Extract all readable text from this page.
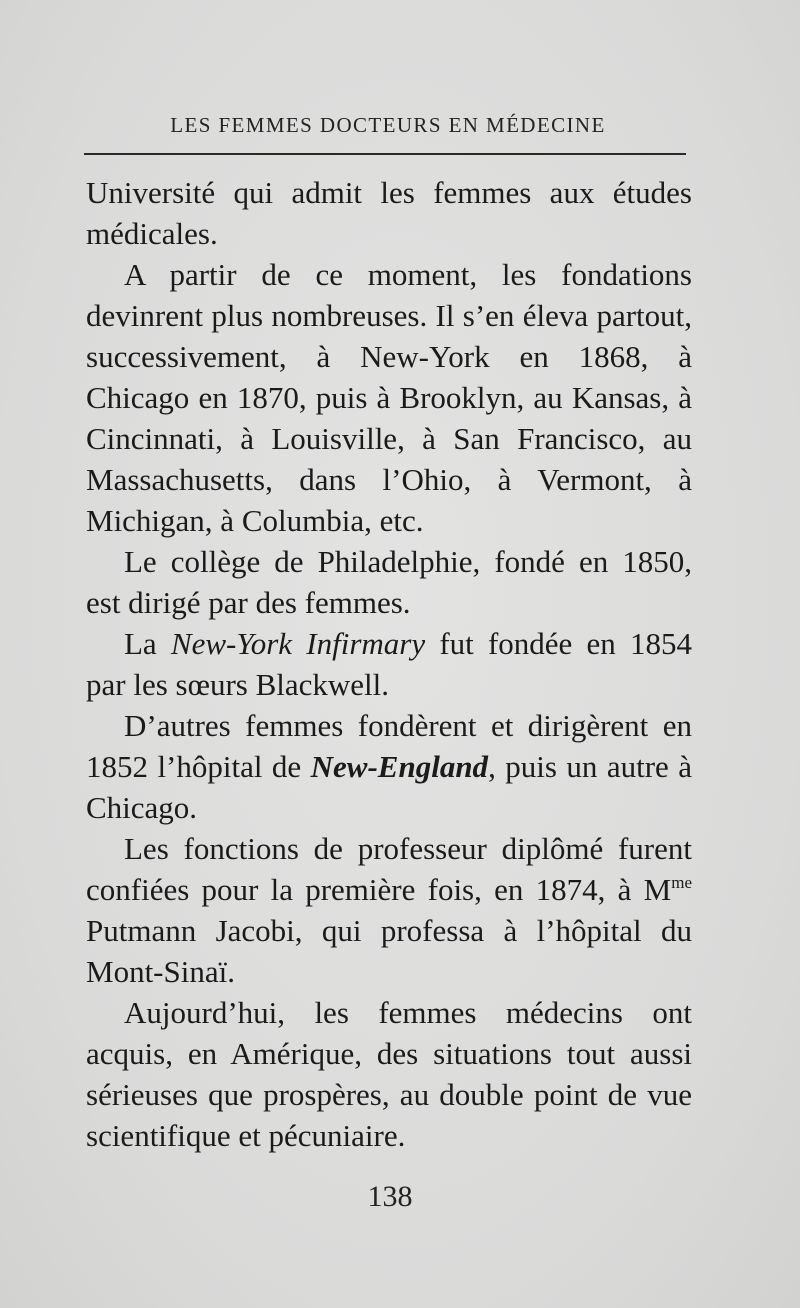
LES FEMMES DOCTEURS EN MÉDECINE

Université qui admit les femmes aux études médicales.

A partir de ce moment, les fondations devinrent plus nombreuses. Il s’en éleva partout, successivement, à New-York en 1868, à Chicago en 1870, puis à Brooklyn, au Kansas, à Cincinnati, à Louisville, à San Francisco, au Massachusetts, dans l’Ohio, à Vermont, à Michigan, à Columbia, etc.

Le collège de Philadelphie, fondé en 1850, est dirigé par des femmes.

La New-York Infirmary fut fondée en 1854 par les sœurs Blackwell.

D’autres femmes fondèrent et dirigèrent en 1852 l’hôpital de New-England, puis un autre à Chicago.

Les fonctions de professeur diplômé furent confiées pour la première fois, en 1874, à $M^{me}$ Putmann Jacobi, qui professa à l’hôpital du Mont-Sinaï.

Aujourd’hui, les femmes médecins ont acquis, en Amérique, des situations tout aussi sérieuses que prospères, au double point de vue scientifique et pécuniaire.

138
